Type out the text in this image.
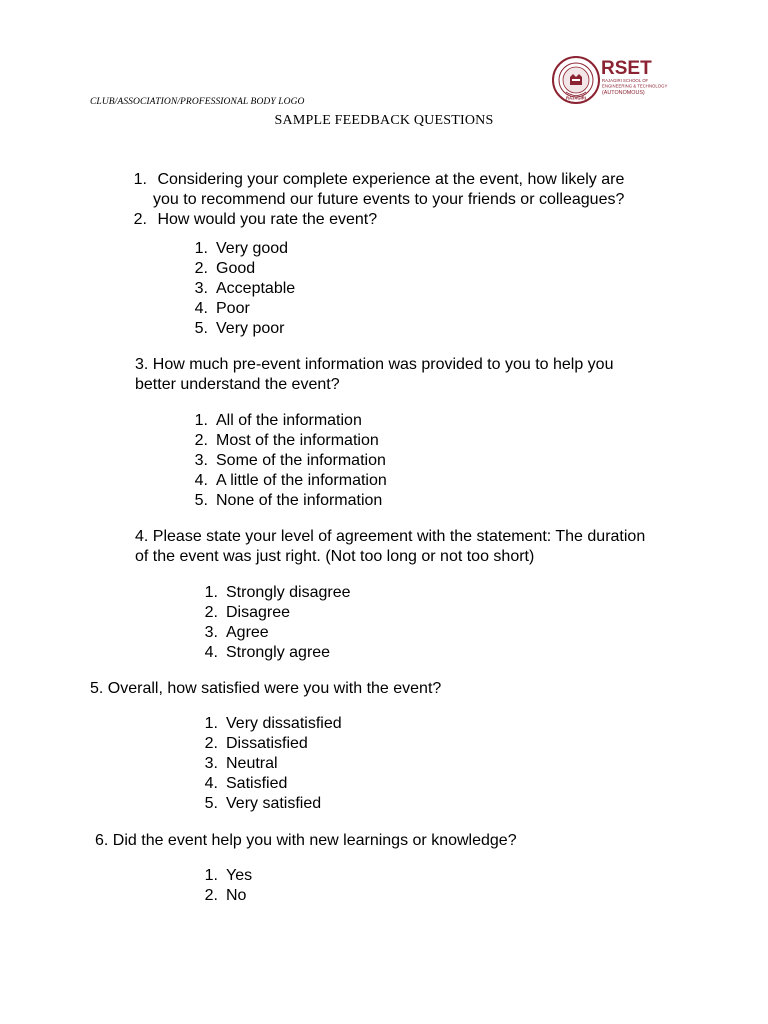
CLUB/ASSOCIATION/PROFESSIONAL BODY LOGO
SAMPLE FEEDBACK QUESTIONS
RAJAGIRI
RSET
RAJAGIRI SCHOOL OF
ENGINEERING & TECHNOLOGY
(AUTONOMOUS)
1. Considering your complete experience at the event, how likely are
you to recommend our future events to your friends or colleagues?
2. How would you rate the event?
1. Very good
2. Good
3. Acceptable
4. Poor
5. Very poor
3. How much pre-event information was provided to you to help you
better understand the event?
1. All of the information
2. Most of the information
3. Some of the information
4. A little of the information
5. None of the information
4. Please state your level of agreement with the statement: The duration
of the event was just right. (Not too long or not too short)
1. Strongly disagree
2. Disagree
3. Agree
4. Strongly agree
5. Overall, how satisfied were you with the event?
1. Very dissatisfied
2. Dissatisfied
3. Neutral
4. Satisfied
5. Very satisfied
6. Did the event help you with new learnings or knowledge?
1. Yes
2. No
